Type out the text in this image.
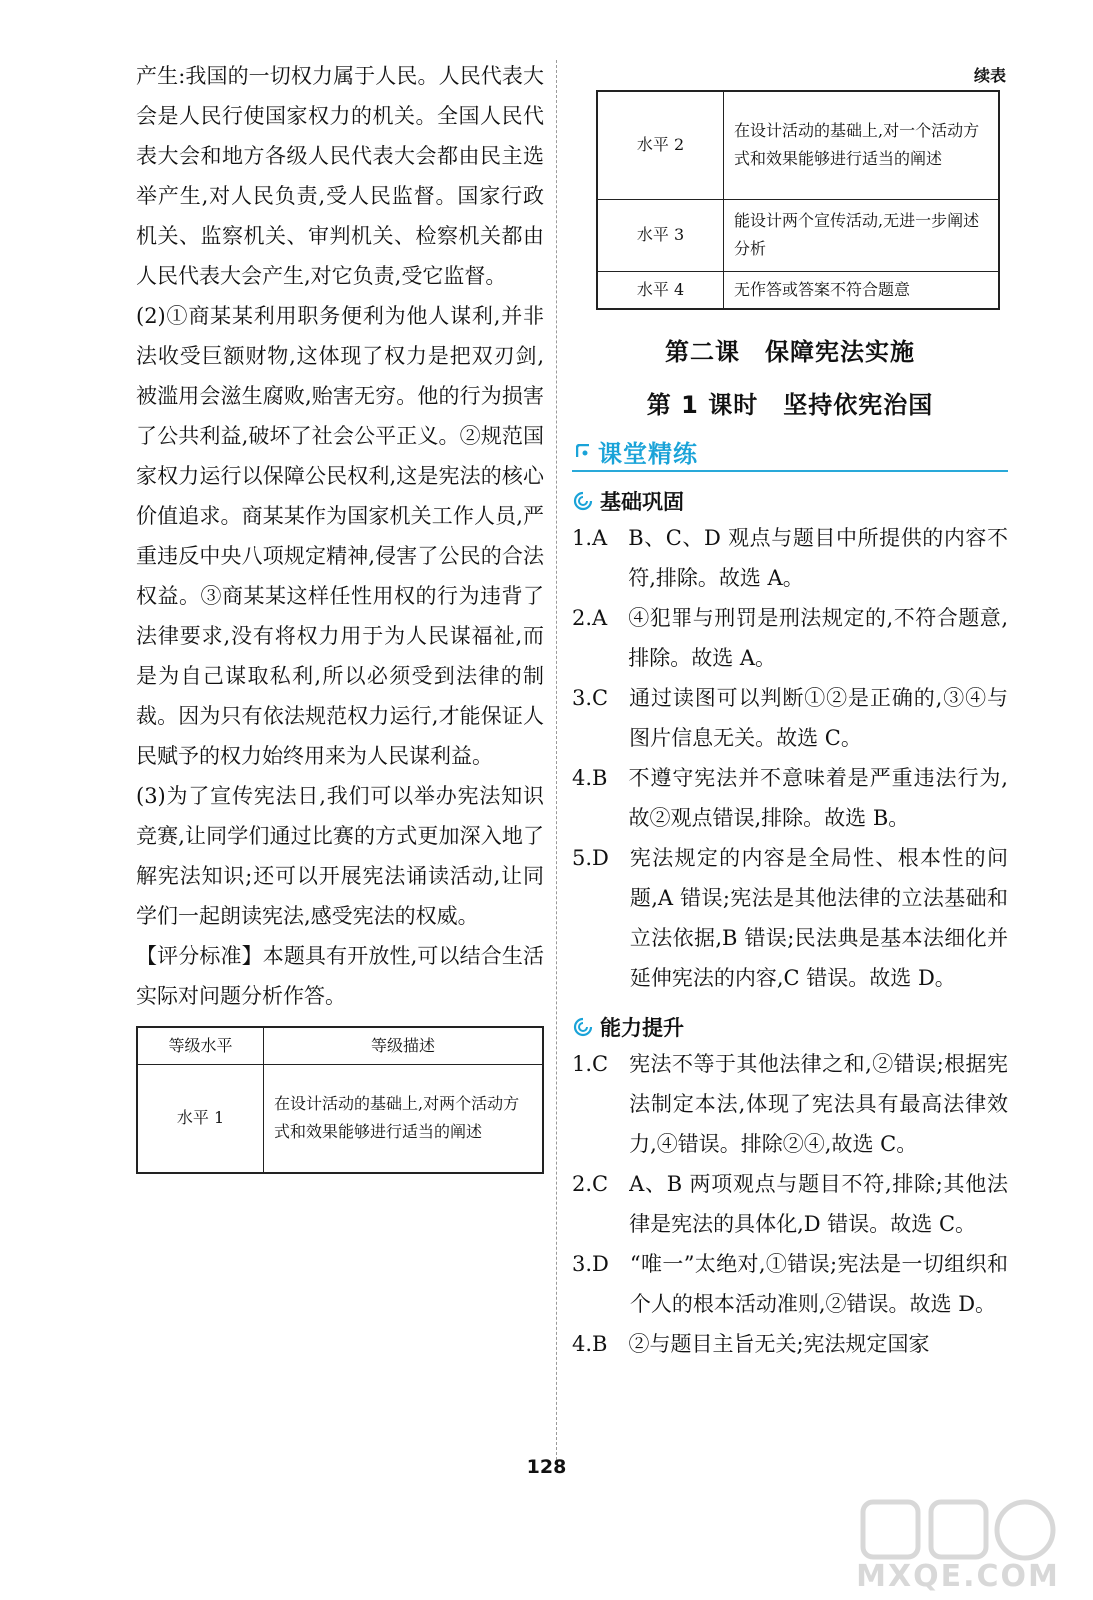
产生:我国的一切权力属于人民。人民代表大会是人民行使国家权力的机关。全国人民代表大会和地方各级人民代表大会都由民主选举产生,对人民负责,受人民监督。国家行政机关、监察机关、审判机关、检察机关都由人民代表大会产生,对它负责,受它监督。

(2)①商某某利用职务便利为他人谋利,并非法收受巨额财物,这体现了权力是把双刃剑,被滥用会滋生腐败,贻害无穷。他的行为损害了公共利益,破坏了社会公平正义。②规范国家权力运行以保障公民权利,这是宪法的核心价值追求。商某某作为国家机关工作人员,严重违反中央八项规定精神,侵害了公民的合法权益。③商某某这样任性用权的行为违背了法律要求,没有将权力用于为人民谋福祉,而是为自己谋取私利,所以必须受到法律的制裁。因为只有依法规范权力运行,才能保证人民赋予的权力始终用来为人民谋利益。

(3)为了宣传宪法日,我们可以举办宪法知识竞赛,让同学们通过比赛的方式更加深入地了解宪法知识;还可以开展宪法诵读活动,让同学们一起朗读宪法,感受宪法的权威。

【评分标准】本题具有开放性,可以结合生活实际对问题分析作答。

等级水平	等级描述
水平 1	在设计活动的基础上,对两个活动方式和效果能够进行适当的阐述
续表
水平 2	在设计活动的基础上,对一个活动方式和效果能够进行适当的阐述
水平 3	能设计两个宣传活动,无进一步阐述分析
水平 4	无作答或答案不符合题意
第二课　保障宪法实施
第 1 课时　坚持依宪治国
课堂精练
基础巩固
1.A　 B、C、D 观点与题目中所提供的内容不符,排除。故选 A。
2.A　 ④犯罪与刑罚是刑法规定的,不符合题意,排除。故选 A。
3.C　 通过读图可以判断①②是正确的,③④与图片信息无关。故选 C。
4.B　 不遵守宪法并不意味着是严重违法行为,故②观点错误,排除。故选 B。
5.D　 宪法规定的内容是全局性、根本性的问题,A 错误;宪法是其他法律的立法基础和立法依据,B 错误;民法典是基本法细化并延伸宪法的内容,C 错误。故选 D。
能力提升
1.C　 宪法不等于其他法律之和,②错误;根据宪法制定本法,体现了宪法具有最高法律效力,④错误。排除②④,故选 C。
2.C　 A、B 两项观点与题目不符,排除;其他法律是宪法的具体化,D 错误。故选 C。
3.D　 “唯一”太绝对,①错误;宪法是一切组织和个人的根本活动准则,②错误。故选 D。
4.B　 ②与题目主旨无关;宪法规定国家
128
MXQE.COM
